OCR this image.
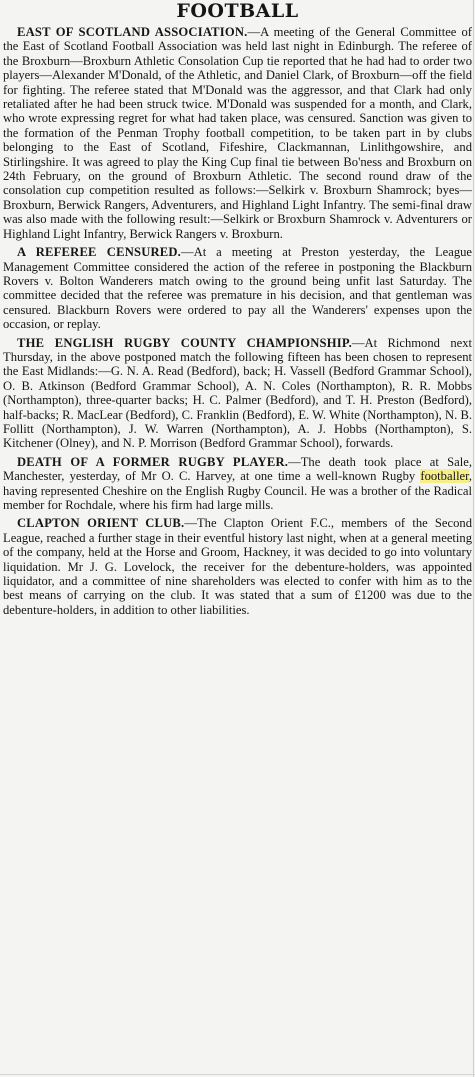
FOOTBALL

EAST OF SCOTLAND ASSOCIATION.—A meeting of the General Committee of the East of Scotland Football Association was held last night in Edinburgh. The referee of the Broxburn—Broxburn Athletic Consolation Cup tie reported that he had had to order two players—Alexander M'Donald, of the Athletic, and Daniel Clark, of Broxburn—off the field for fighting. The referee stated that M'Donald was the aggressor, and that Clark had only retaliated after he had been struck twice. M'Donald was suspended for a month, and Clark, who wrote expressing regret for what had taken place, was censured. Sanction was given to the formation of the Penman Trophy football competition, to be taken part in by clubs belonging to the East of Scotland, Fifeshire, Clackmannan, Linlithgowshire, and Stirlingshire. It was agreed to play the King Cup final tie between Bo'ness and Broxburn on 24th February, on the ground of Broxburn Athletic. The second round draw of the consolation cup competition resulted as follows:—Selkirk v. Broxburn Shamrock; byes—Broxburn, Berwick Rangers, Adventurers, and Highland Light Infantry. The semi-final draw was also made with the following result:—Selkirk or Broxburn Shamrock v. Adventurers or Highland Light Infantry, Berwick Rangers v. Broxburn.

A REFEREE CENSURED.—At a meeting at Preston yesterday, the League Management Committee considered the action of the referee in postponing the Blackburn Rovers v. Bolton Wanderers match owing to the ground being unfit last Saturday. The committee decided that the referee was premature in his decision, and that gentleman was censured. Blackburn Rovers were ordered to pay all the Wanderers' expenses upon the occasion, or replay.

THE ENGLISH RUGBY COUNTY CHAMPIONSHIP.—At Richmond next Thursday, in the above postponed match the following fifteen has been chosen to represent the East Midlands:—G. N. A. Read (Bedford), back; H. Vassell (Bedford Grammar School), O. B. Atkinson (Bedford Grammar School), A. N. Coles (Northampton), R. R. Mobbs (Northampton), three-quarter backs; H. C. Palmer (Bedford), and T. H. Preston (Bedford), half-backs; R. MacLear (Bedford), C. Franklin (Bedford), E. W. White (Northampton), N. B. Follitt (Northampton), J. W. Warren (Northampton), A. J. Hobbs (Northampton), S. Kitchener (Olney), and N. P. Morrison (Bedford Grammar School), forwards.

DEATH OF A FORMER RUGBY PLAYER.—The death took place at Sale, Manchester, yesterday, of Mr O. C. Harvey, at one time a well-known Rugby footballer, having represented Cheshire on the English Rugby Council. He was a brother of the Radical member for Rochdale, where his firm had large mills.

CLAPTON ORIENT CLUB.—The Clapton Orient F.C., members of the Second League, reached a further stage in their eventful history last night, when at a general meeting of the company, held at the Horse and Groom, Hackney, it was decided to go into voluntary liquidation. Mr J. G. Lovelock, the receiver for the debenture-holders, was appointed liquidator, and a committee of nine shareholders was elected to confer with him as to the best means of carrying on the club. It was stated that a sum of £1200 was due to the debenture-holders, in addition to other liabilities.
